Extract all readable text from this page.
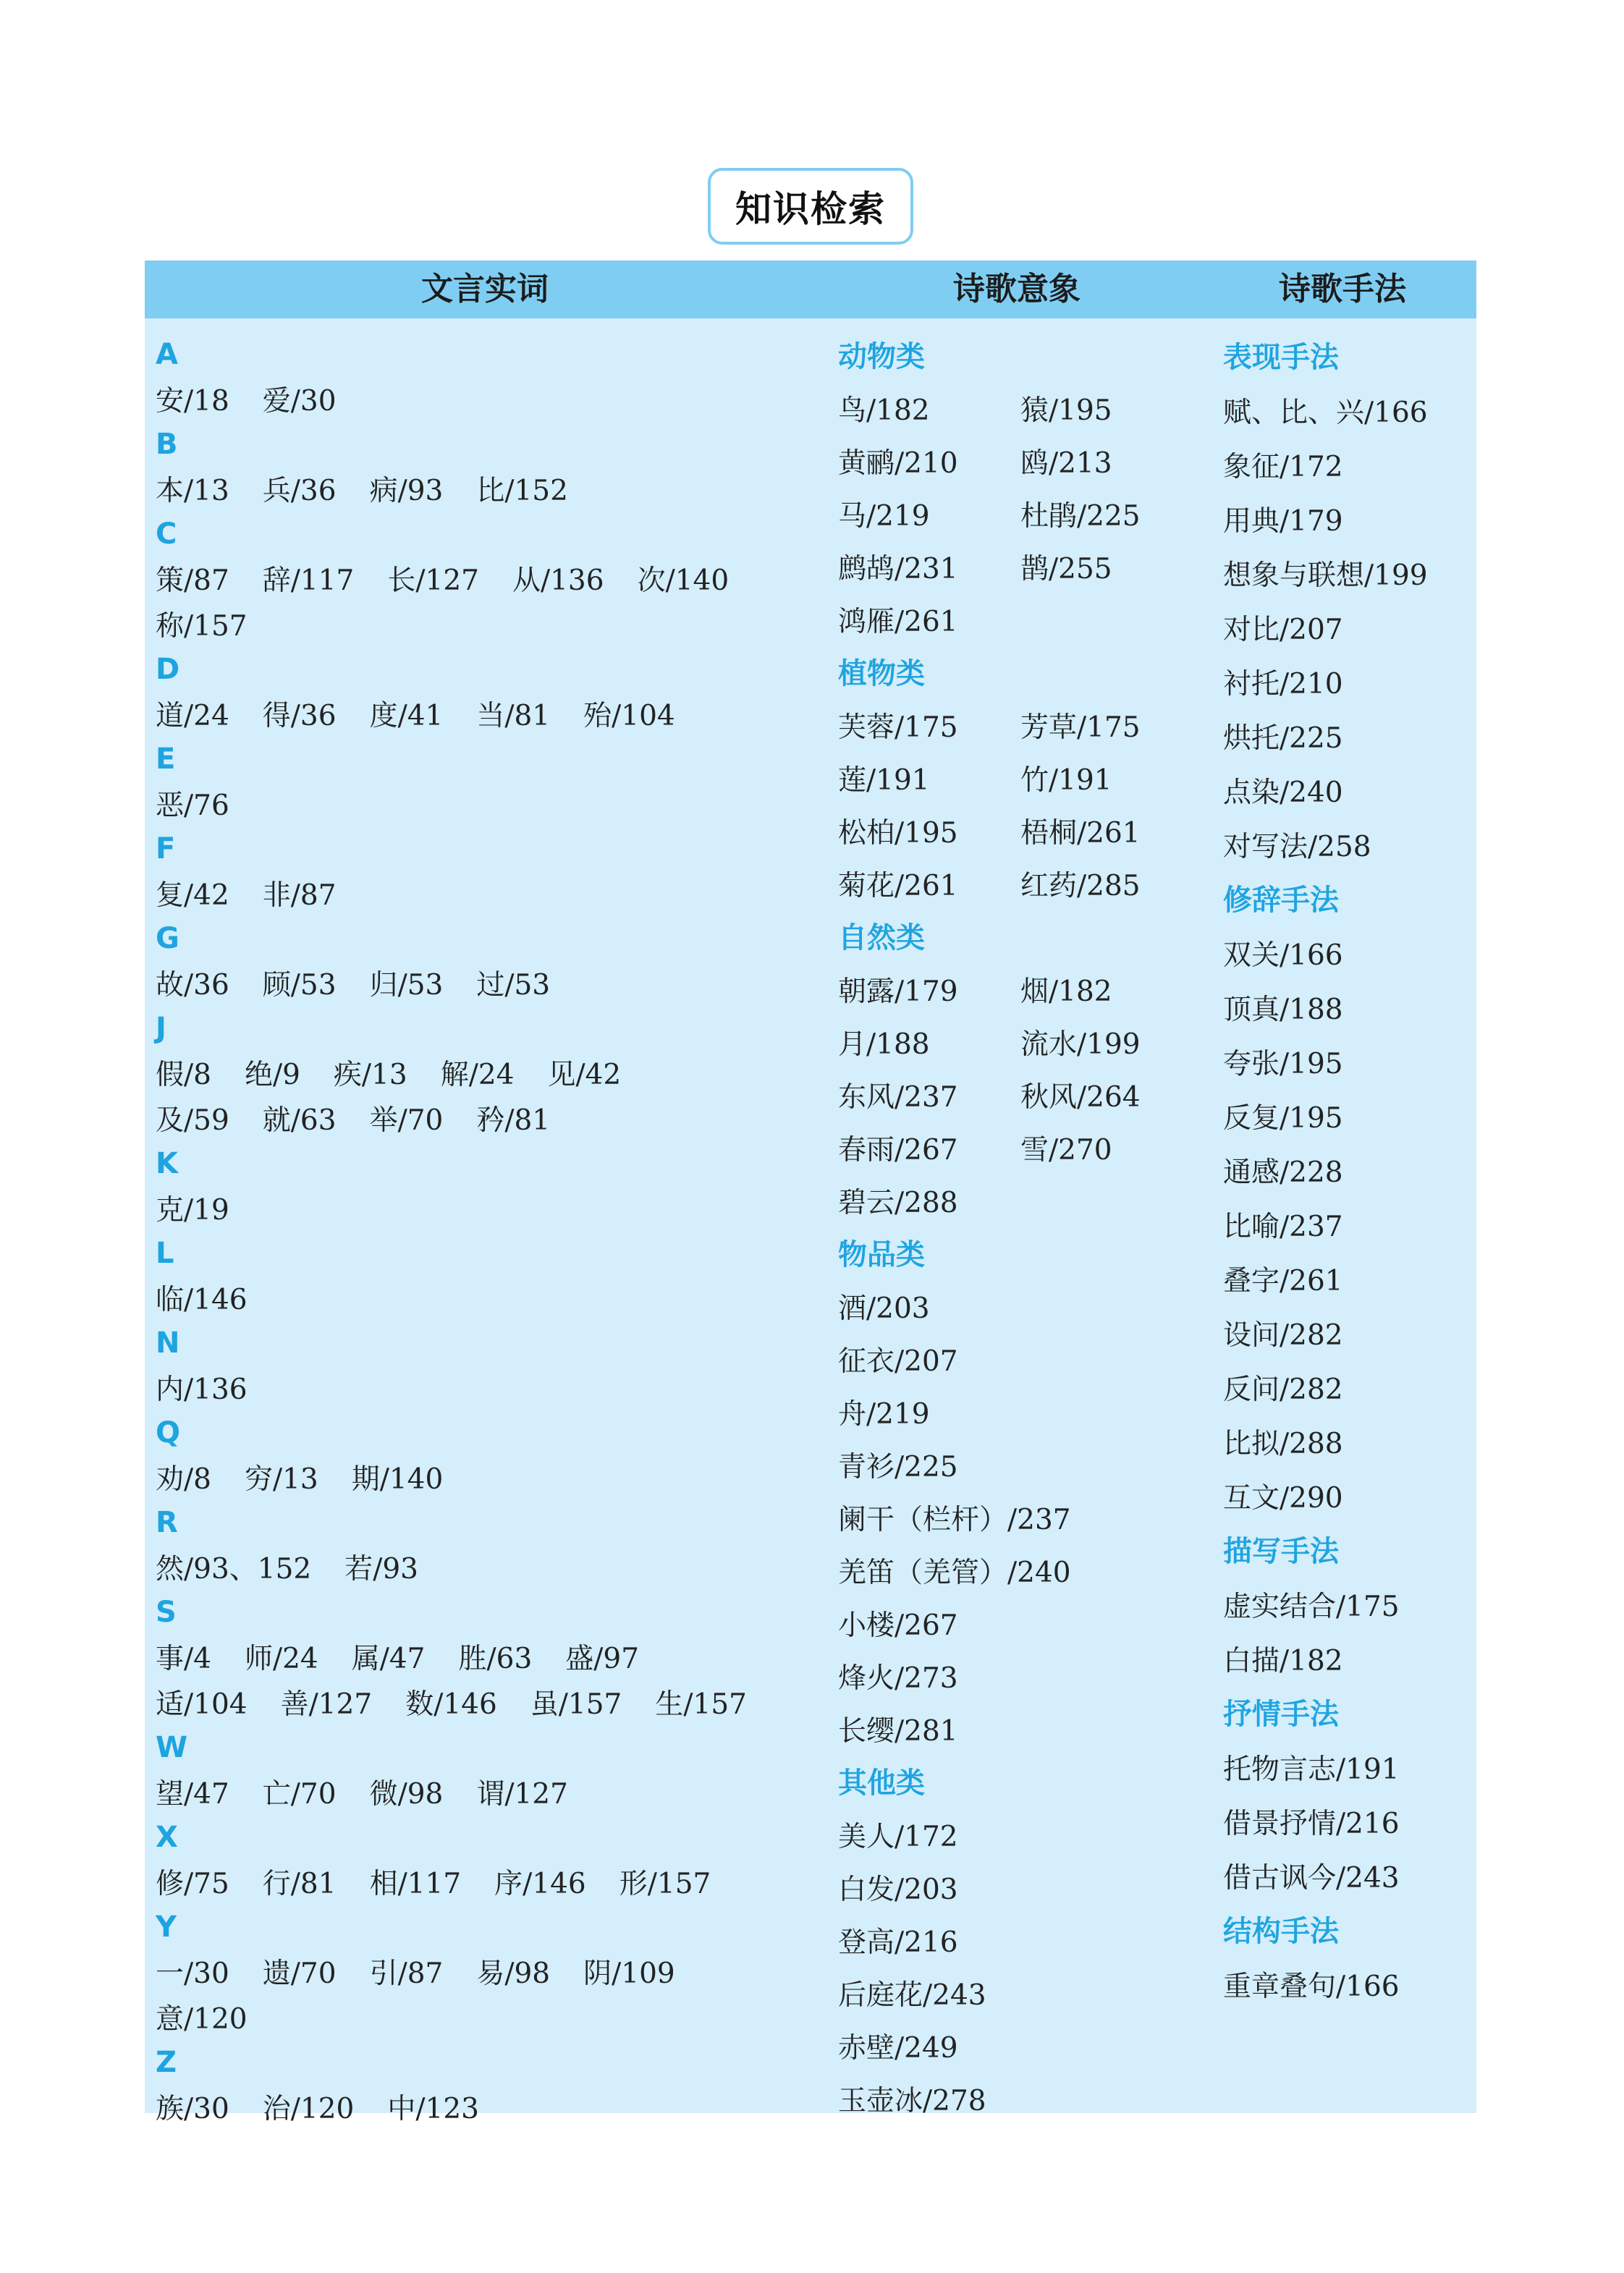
知识检索
文言实词	诗歌意象	诗歌手法
A
安/18 爱/30
B
本/13 兵/36 病/93 比/152
C
策/87 辞/117 长/127 从/136 次/140
称/157
D
道/24 得/36 度/41 当/81 殆/104
E
恶/76
F
复/42 非/87
G
故/36 顾/53 归/53 过/53
J
假/8 绝/9 疾/13 解/24 见/42
及/59 就/63 举/70 矜/81
K
克/19
L
临/146
N
内/136
Q
劝/8 穷/13 期/140
R
然/93、152 若/93
S
事/4 师/24 属/47 胜/63 盛/97
适/104 善/127 数/146 虽/157 生/157
W
望/47 亡/70 微/98 谓/127
X
修/75 行/81 相/117 序/146 形/157
Y
一/30 遗/70 引/87 易/98 阴/109
意/120
Z
族/30 治/120 中/123
动物类
鸟/182	猿/195
黄鹂/210 鸥/213
马/219	杜鹃/225
鹧鸪/231 鹊/255
鸿雁/261
植物类
芙蓉/175 芳草/175
莲/191	竹/191
松柏/195 梧桐/261
菊花/261 红药/285
自然类
朝露/179 烟/182
月/188	流水/199
东风/237 秋风/264
春雨/267 雪/270
碧云/288
物品类
酒/203
征衣/207
舟/219
青衫/225
阑干（栏杆）/237
羌笛（羌管）/240
小楼/267
烽火/273
长缨/281
其他类
美人/172
白发/203
登高/216
后庭花/243
赤壁/249
玉壶冰/278
表现手法
赋、比、兴/166
象征/172
用典/179
想象与联想/199
对比/207
衬托/210
烘托/225
点染/240
对写法/258
修辞手法
双关/166
顶真/188
夸张/195
反复/195
通感/228
比喻/237
叠字/261
设问/282
反问/282
比拟/288
互文/290
描写手法
虚实结合/175
白描/182
抒情手法
托物言志/191
借景抒情/216
借古讽今/243
结构手法
重章叠句/166
